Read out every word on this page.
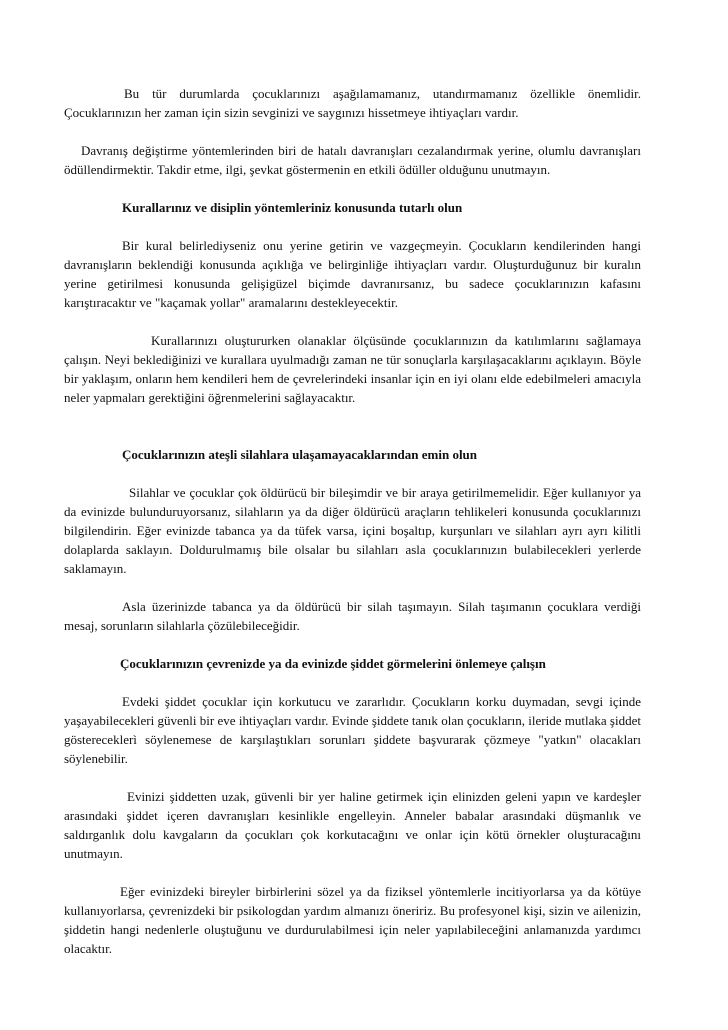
Bu tür durumlarda çocuklarınızı aşağılamamanız, utandırmamanız özellikle önemlidir. Çocuklarınızın her zaman için sizin sevginizi ve saygınızı hissetmeye ihtiyaçları vardır.

Davranış değiştirme yöntemlerinden biri de hatalı davranışları cezalandırmak yerine, olumlu davranışları ödüllendirmektir. Takdir etme, ilgi, şevkat göstermenin en etkili ödüller olduğunu unutmayın.

Kurallarınız ve disiplin yöntemleriniz konusunda tutarlı olun

Bir kural belirlediyseniz onu yerine getirin ve vazgeçmeyin. Çocukların kendilerinden hangi davranışların beklendiği konusunda açıklığa ve belirginliğe ihtiyaçları vardır. Oluşturduğunuz bir kuralın yerine getirilmesi konusunda gelişigüzel biçimde davranırsanız, bu sadece çocuklarınızın kafasını karıştıracaktır ve "kaçamak yollar" aramalarını destekleyecektir.

Kurallarınızı oluştururken olanaklar ölçüsünde çocuklarınızın da katılımlarını sağlamaya çalışın. Neyi beklediğinizi ve kurallara uyulmadığı zaman ne tür sonuçlarla karşılaşacaklarını açıklayın. Böyle bir yaklaşım, onların hem kendileri hem de çevrelerindeki insanlar için en iyi olanı elde edebilmeleri amacıyla neler yapmaları gerektiğini öğrenmelerini sağlayacaktır.

Çocuklarınızın ateşli silahlara ulaşamayacaklarından emin olun

Silahlar ve çocuklar çok öldürücü bir bileşimdir ve bir araya getirilmemelidir. Eğer kullanıyor ya da evinizde bulunduruyorsanız, silahların ya da diğer öldürücü araçların tehlikeleri konusunda çocuklarınızı bilgilendirin. Eğer evinizde tabanca ya da tüfek varsa, içini boşaltıp, kurşunları ve silahları ayrı ayrı kilitli dolaplarda saklayın. Doldurulmamış bile olsalar bu silahları asla çocuklarınızın bulabilecekleri yerlerde saklamayın.

Asla üzerinizde tabanca ya da öldürücü bir silah taşımayın. Silah taşımanın çocuklara verdiği mesaj, sorunların silahlarla çözülebileceğidir.

Çocuklarınızın çevrenizde ya da evinizde şiddet görmelerini önlemeye çalışın

Evdeki şiddet çocuklar için korkutucu ve zararlıdır. Çocukların korku duymadan, sevgi içinde yaşayabilecekleri güvenli bir eve ihtiyaçları vardır. Evinde şiddete tanık olan çocukların, ileride mutlaka şiddet göstereceklerì söylenemese de karşılaştıkları sorunları şiddete başvurarak çözmeye "yatkın" olacakları söylenebilir.

Evinizi şiddetten uzak, güvenli bir yer haline getirmek için elinizden geleni yapın ve kardeşler arasındaki şiddet içeren davranışları kesinlikle engelleyin. Anneler babalar arasındaki düşmanlık ve saldırganlık dolu kavgaların da çocukları çok korkutacağını ve onlar için kötü örnekler oluşturacağını unutmayın.

Eğer evinizdeki bireyler birbirlerini sözel ya da fiziksel yöntemlerle incitiyorlarsa ya da kötüye kullanıyorlarsa, çevrenizdeki bir psikologdan yardım almanızı öneririz. Bu profesyonel kişi, sizin ve ailenizin, şiddetin hangi nedenlerle oluştuğunu ve durdurulabilmesi için neler yapılabileceğini anlamanızda yardımcı olacaktır.
